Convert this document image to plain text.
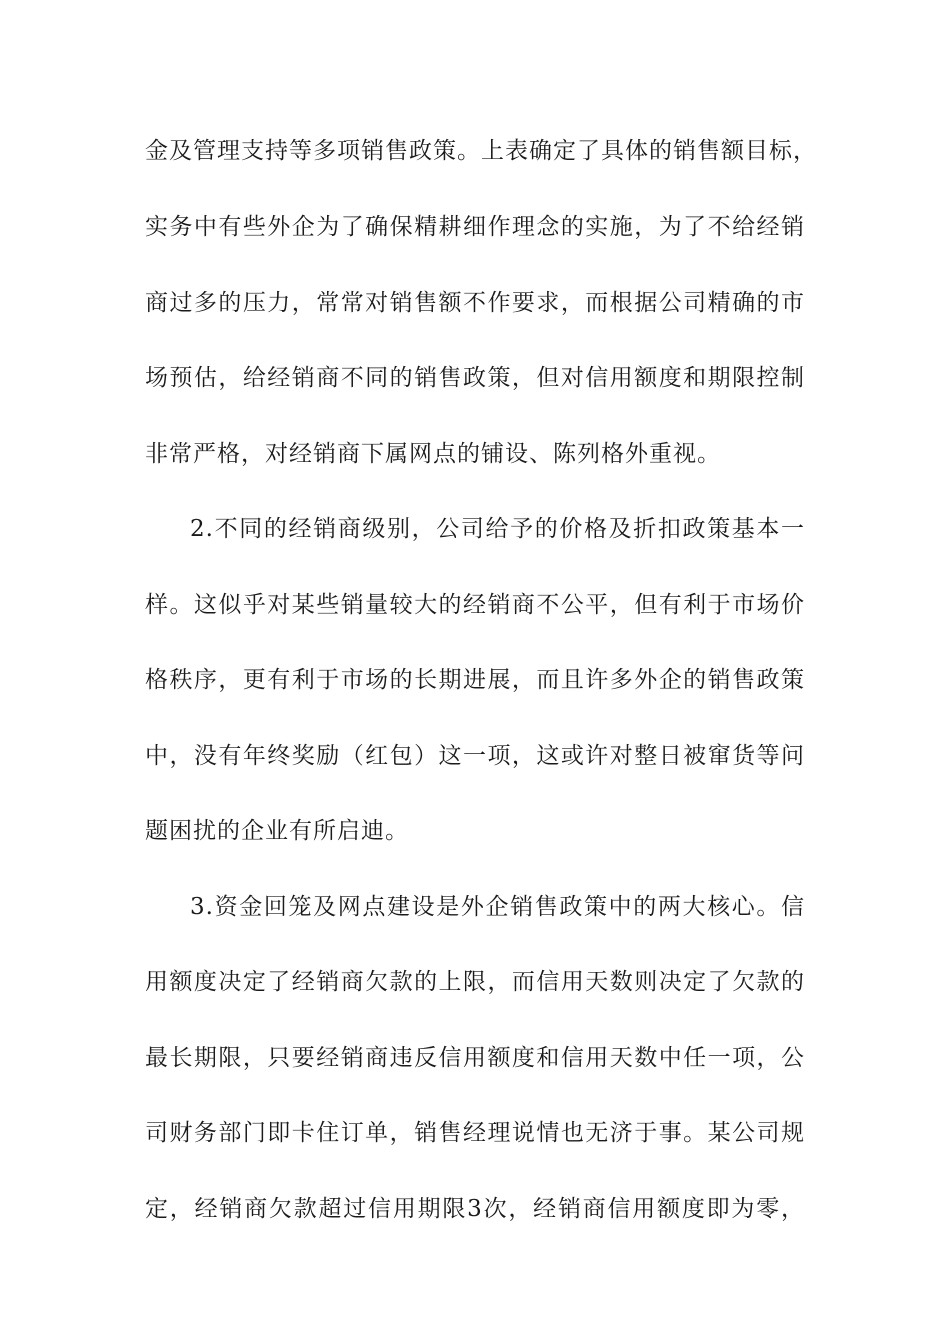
金及管理支持等多项销售政策。上表确定了具体的销售额目标，
实务中有些外企为了确保精耕细作理念的实施，为了不给经销
商过多的压力，常常对销售额不作要求，而根据公司精确的市
场预估，给经销商不同的销售政策，但对信用额度和期限控制
非常严格，对经销商下属网点的铺设、陈列格外重视。
2.不同的经销商级别，公司给予的价格及折扣政策基本一
样。这似乎对某些销量较大的经销商不公平，但有利于市场价
格秩序，更有利于市场的长期进展，而且许多外企的销售政策
中，没有年终奖励（红包）这一项，这或许对整日被窜货等问
题困扰的企业有所启迪。
3.资金回笼及网点建设是外企销售政策中的两大核心。信
用额度决定了经销商欠款的上限，而信用天数则决定了欠款的
最长期限，只要经销商违反信用额度和信用天数中任一项，公
司财务部门即卡住订单，销售经理说情也无济于事。某公司规
定，经销商欠款超过信用期限3次，经销商信用额度即为零，
